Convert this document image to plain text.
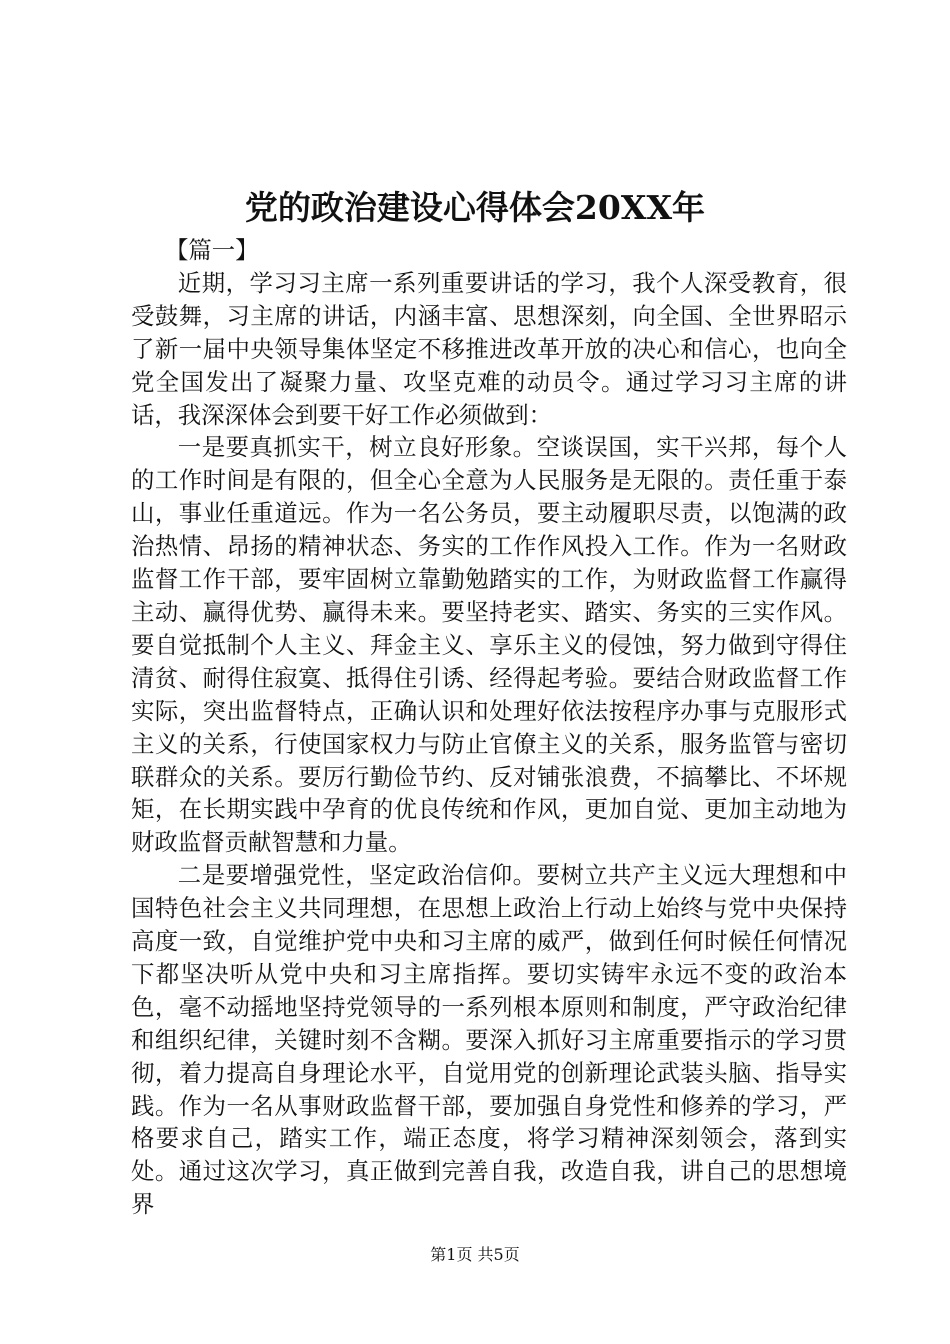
党的政治建设心得体会20XX年

【篇一】

近期，学习习主席一系列重要讲话的学习，我个人深受教育，很受鼓舞，习主席的讲话，内涵丰富、思想深刻，向全国、全世界昭示了新一届中央领导集体坚定不移推进改革开放的决心和信心，也向全党全国发出了凝聚力量、攻坚克难的动员令。通过学习习主席的讲话，我深深体会到要干好工作必须做到：

一是要真抓实干，树立良好形象。空谈误国，实干兴邦，每个人的工作时间是有限的，但全心全意为人民服务是无限的。责任重于泰山，事业任重道远。作为一名公务员，要主动履职尽责，以饱满的政治热情、昂扬的精神状态、务实的工作作风投入工作。作为一名财政监督工作干部，要牢固树立靠勤勉踏实的工作，为财政监督工作赢得主动、赢得优势、赢得未来。要坚持老实、踏实、务实的三实作风。要自觉抵制个人主义、拜金主义、享乐主义的侵蚀，努力做到守得住清贫、耐得住寂寞、抵得住引诱、经得起考验。要结合财政监督工作实际，突出监督特点，正确认识和处理好依法按程序办事与克服形式主义的关系，行使国家权力与防止官僚主义的关系，服务监管与密切联群众的关系。要厉行勤俭节约、反对铺张浪费，不搞攀比、不坏规矩，在长期实践中孕育的优良传统和作风，更加自觉、更加主动地为财政监督贡献智慧和力量。

二是要增强党性，坚定政治信仰。要树立共产主义远大理想和中国特色社会主义共同理想，在思想上政治上行动上始终与党中央保持高度一致，自觉维护党中央和习主席的威严，做到任何时候任何情况下都坚决听从党中央和习主席指挥。要切实铸牢永远不变的政治本色，毫不动摇地坚持党领导的一系列根本原则和制度，严守政治纪律和组织纪律，关键时刻不含糊。要深入抓好习主席重要指示的学习贯彻，着力提高自身理论水平，自觉用党的创新理论武装头脑、指导实践。作为一名从事财政监督干部，要加强自身党性和修养的学习，严格要求自己，踏实工作，端正态度，将学习精神深刻领会，落到实处。通过这次学习，真正做到完善自我，改造自我，讲自己的思想境界

第1页 共5页
